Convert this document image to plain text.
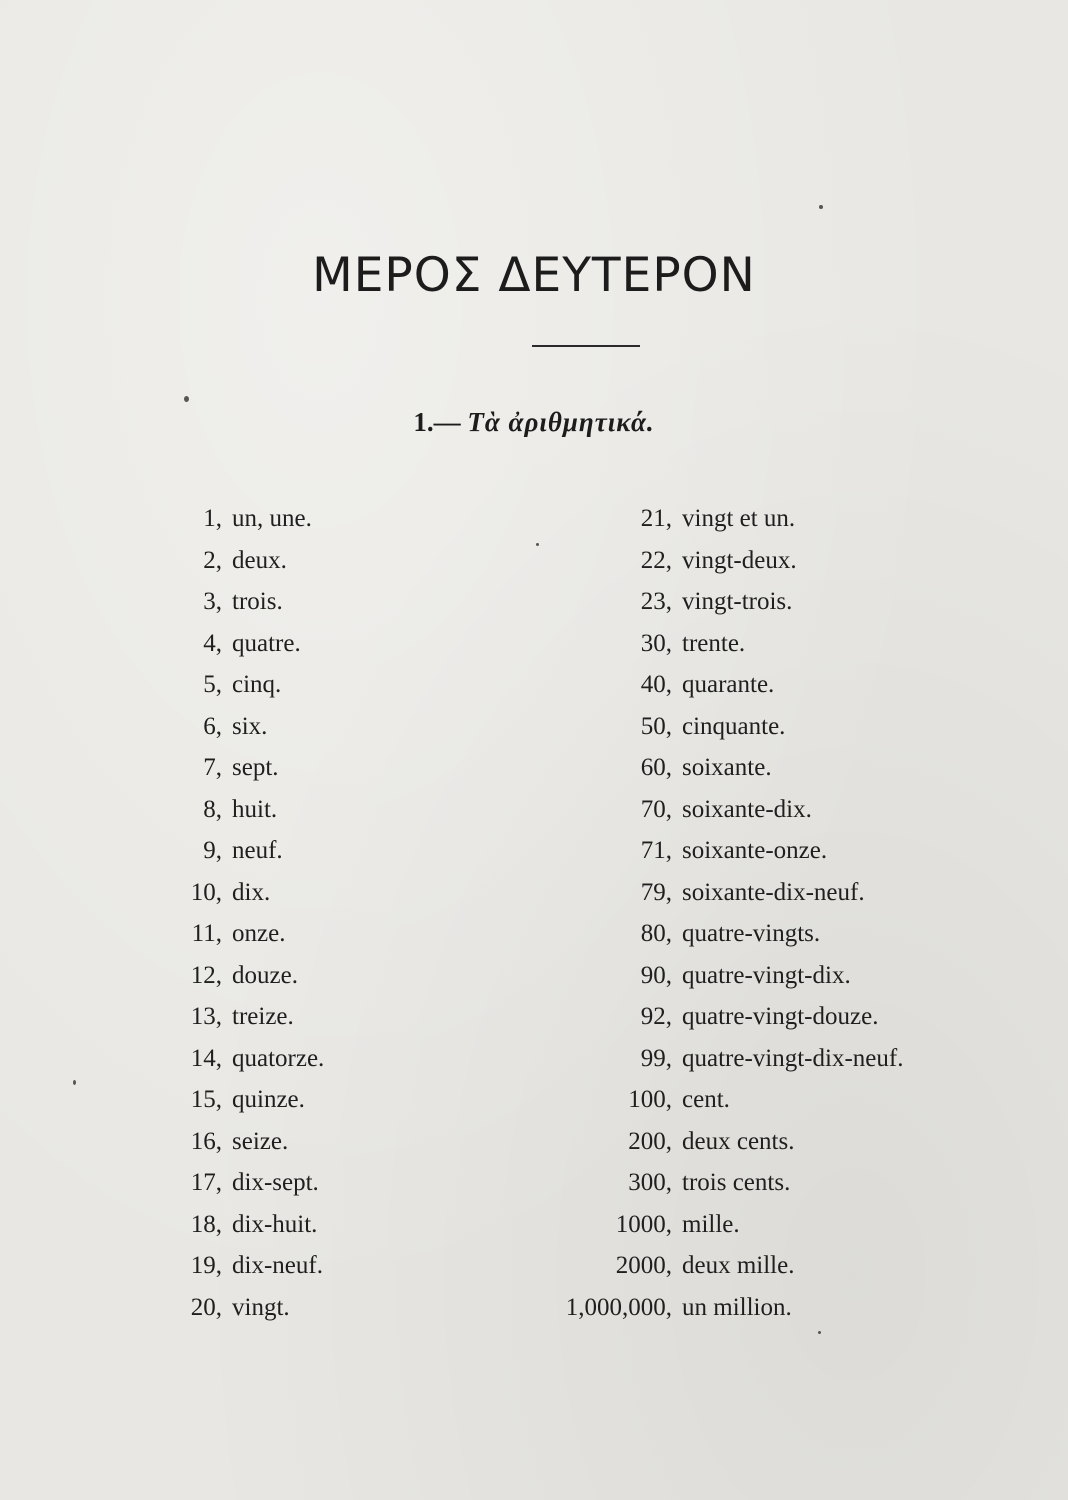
ΜΕΡΟΣ ΔΕΥΤΕΡΟΝ
1.— Τὰ ἀριθμητικά.
1, un, une.
2, deux.
3, trois.
4, quatre.
5, cinq.
6, six.
7, sept.
8, huit.
9, neuf.
10, dix.
11, onze.
12, douze.
13, treize.
14, quatorze.
15, quinze.
16, seize.
17, dix-sept.
18, dix-huit.
19, dix-neuf.
20, vingt.
21, vingt et un.
22, vingt-deux.
23, vingt-trois.
30, trente.
40, quarante.
50, cinquante.
60, soixante.
70, soixante-dix.
71, soixante-onze.
79, soixante-dix-neuf.
80, quatre-vingts.
90, quatre-vingt-dix.
92, quatre-vingt-douze.
99, quatre-vingt-dix-neuf.
100, cent.
200, deux cents.
300, trois cents.
1000, mille.
2000, deux mille.
1,000,000, un million.
